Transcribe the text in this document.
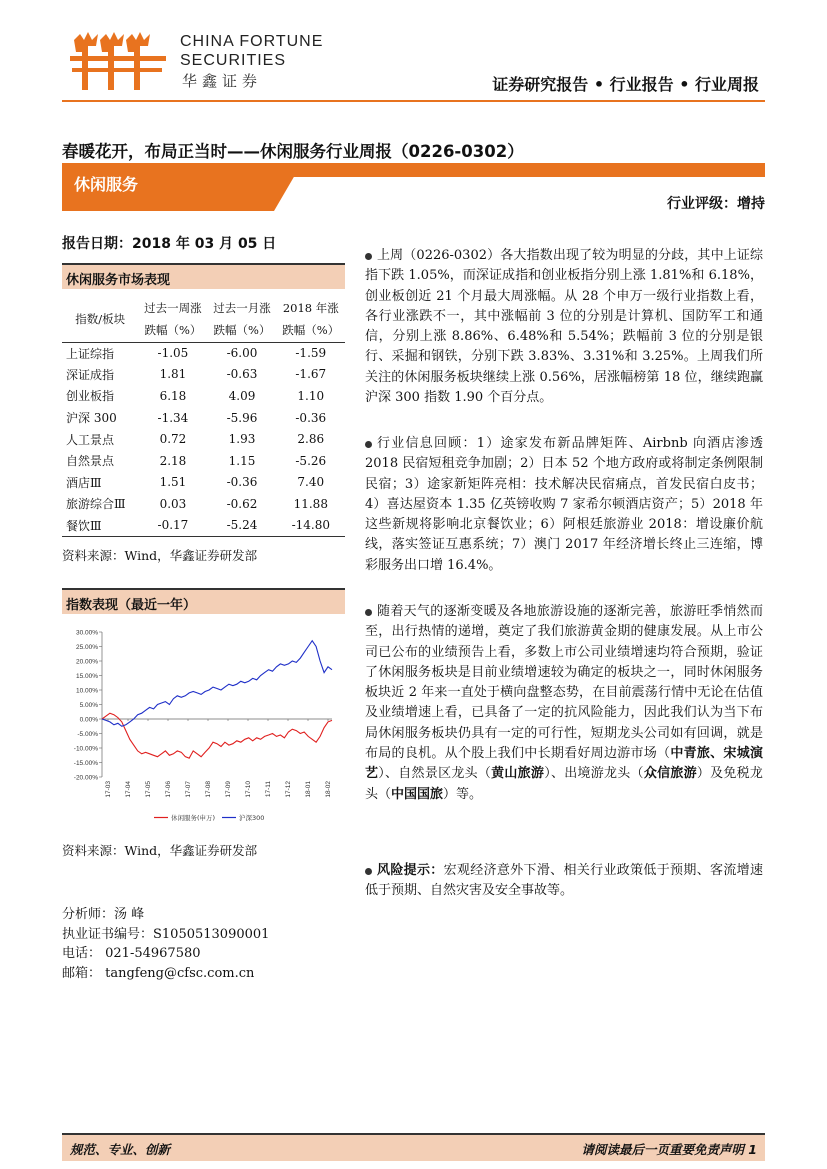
CHINA FORTUNE
SECURITIES
华鑫证券	证券研究报告 • 行业报告 • 行业周报
春暖花开，布局正当时——休闲服务行业周报（0226-0302）
休闲服务
行业评级：增持
报告日期：2018 年 03 月 05 日
休闲服务市场表现
指数/板块	过去一周涨	过去一月涨	2018 年涨
	跌幅（%）	跌幅（%）	跌幅（%）
上证综指	-1.05	-6.00	-1.59
深证成指	1.81	-0.63	-1.67
创业板指	6.18	4.09	1.10
沪深 300	-1.34	-5.96	-0.36
人工景点	0.72	1.93	2.86
自然景点	2.18	1.15	-5.26
酒店Ⅲ	1.51	-0.36	7.40
旅游综合Ⅲ	0.03	-0.62	11.88
餐饮Ⅲ	-0.17	-5.24	-14.80
资料来源：Wind，华鑫证券研发部
指数表现（最近一年）
30.00%
25.00%
20.00%
15.00%
10.00%
5.00%
0.00%
-5.00%
-10.00%
-15.00%
-20.00%
17-03 17-04 17-05 17-06 17-07 17-08 17-09 17-10 17-11 17-12 18-01 18-02
休闲服务(申万)	沪深300
资料来源：Wind，华鑫证券研发部
分析师：汤 峰
执业证书编号：S1050513090001
电话： 021-54967580
邮箱： tangfeng@cfsc.com.cn

上周（0226-0302）各大指数出现了较为明显的分歧，其中上证综指下跌 1.05%，而深证成指和创业板指分别上涨 1.81%和 6.18%，创业板创近 21 个月最大周涨幅。从 28 个申万一级行业指数上看，各行业涨跌不一，其中涨幅前 3 位的分别是计算机、国防军工和通信，分别上涨 8.86%、6.48%和 5.54%；跌幅前 3 位的分别是银行、采掘和钢铁，分别下跌 3.83%、3.31%和 3.25%。上周我们所关注的休闲服务板块继续上涨 0.56%，居涨幅榜第 18 位，继续跑赢沪深 300 指数 1.90 个百分点。

行业信息回顾：1）途家发布新品牌矩阵、Airbnb 向酒店渗透 2018 民宿短租竞争加剧；2）日本 52 个地方政府或将制定条例限制民宿；3）途家新矩阵亮相：技术解决民宿痛点，首发民宿白皮书；4）喜达屋资本 1.35 亿英镑收购 7 家希尔顿酒店资产；5）2018 年这些新规将影响北京餐饮业；6）阿根廷旅游业 2018：增设廉价航线，落实签证互惠系统；7）澳门 2017 年经济增长终止三连缩，博彩服务出口增 16.4%。

随着天气的逐渐变暖及各地旅游设施的逐渐完善，旅游旺季悄然而至，出行热情的递增，奠定了我们旅游黄金期的健康发展。从上市公司已公布的业绩预告上看，多数上市公司业绩增速均符合预期，验证了休闲服务板块是目前业绩增速较为确定的板块之一，同时休闲服务板块近 2 年来一直处于横向盘整态势，在目前震荡行情中无论在估值及业绩增速上看，已具备了一定的抗风险能力，因此我们认为当下布局休闲服务板块仍具有一定的可行性，短期龙头公司如有回调，就是布局的良机。从个股上我们中长期看好周边游市场（中青旅、宋城演艺）、自然景区龙头（黄山旅游）、出境游龙头（众信旅游）及免税龙头（中国国旅）等。

风险提示：宏观经济意外下滑、相关行业政策低于预期、客流增速低于预期、自然灾害及安全事故等。

规范、专业、创新	请阅读最后一页重要免责声明 1
